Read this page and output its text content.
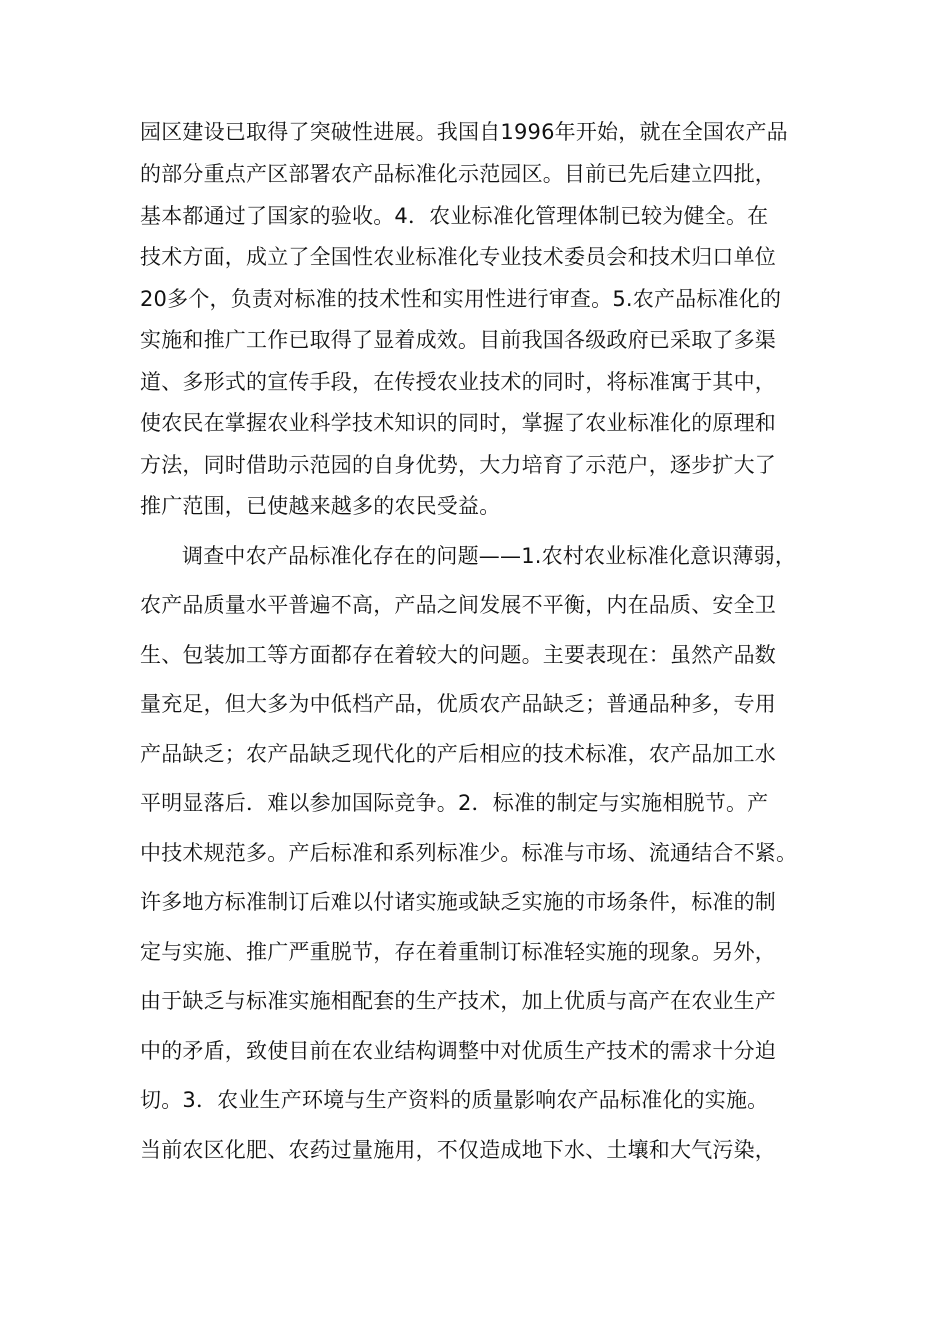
园区建设已取得了突破性进展。我国自1996年开始，就在全国农产品
的部分重点产区部署农产品标准化示范园区。目前已先后建立四批，
基本都通过了国家的验收。4．农业标准化管理体制已较为健全。在
技术方面，成立了全国性农业标准化专业技术委员会和技术归口单位
20多个，负责对标准的技术性和实用性进行审查。5.农产品标准化的
实施和推广工作已取得了显着成效。目前我国各级政府已采取了多渠
道、多形式的宣传手段，在传授农业技术的同时，将标准寓于其中，
使农民在掌握农业科学技术知识的同时，掌握了农业标准化的原理和
方法，同时借助示范园的自身优势，大力培育了示范户，逐步扩大了
推广范围，已使越来越多的农民受益。
调查中农产品标准化存在的问题——1.农村农业标准化意识薄弱，
农产品质量水平普遍不高，产品之间发展不平衡，内在品质、安全卫
生、包装加工等方面都存在着较大的问题。主要表现在：虽然产品数
量充足，但大多为中低档产品，优质农产品缺乏；普通品种多，专用
产品缺乏；农产品缺乏现代化的产后相应的技术标准，农产品加工水
平明显落后．难以参加国际竞争。2．标准的制定与实施相脱节。产
中技术规范多。产后标准和系列标准少。标准与市场、流通结合不紧。
许多地方标准制订后难以付诸实施或缺乏实施的市场条件，标准的制
定与实施、推广严重脱节，存在着重制订标准轻实施的现象。另外，
由于缺乏与标准实施相配套的生产技术，加上优质与高产在农业生产
中的矛盾，致使目前在农业结构调整中对优质生产技术的需求十分迫
切。3．农业生产环境与生产资料的质量影响农产品标准化的实施。
当前农区化肥、农药过量施用，不仅造成地下水、土壤和大气污染，
